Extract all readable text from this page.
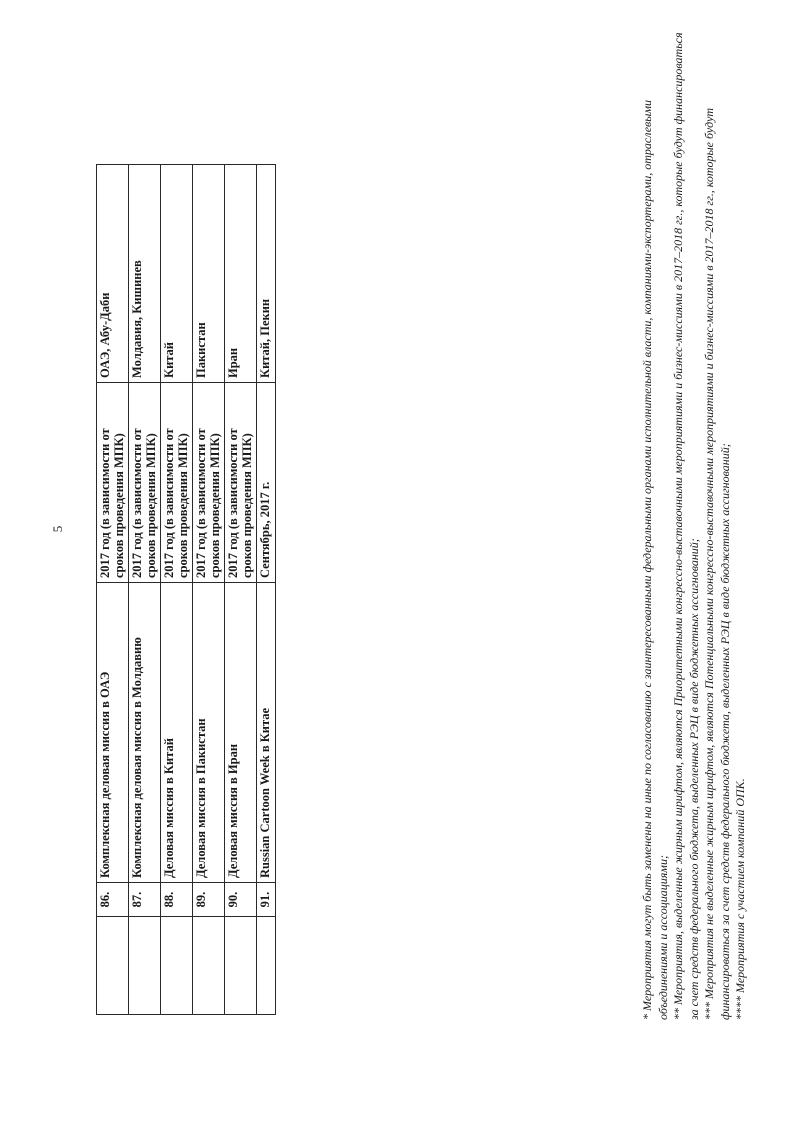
5
	86.	Комплексная деловая миссия в ОАЭ	2017 год (в зависимости от сроков проведения МПК)	ОАЭ, Абу-Даби
	87.	Комплексная деловая миссия в Молдавию	2017 год (в зависимости от сроков проведения МПК)	Молдавия, Кишинев
	88.	Деловая миссия в Китай	2017 год (в зависимости от сроков проведения МПК)	Китай
	89.	Деловая миссия в Пакистан	2017 год (в зависимости от сроков проведения МПК)	Пакистан
	90.	Деловая миссия в Иран	2017 год (в зависимости от сроков проведения МПК)	Иран
	91.	Russian Cartoon Week в Китае	Сентябрь, 2017 г.	Китай, Пекин	* Мероприятия могут быть заменены на иные по согласованию с заинтересованными федеральными органами исполнительной власти, компаниями-экспортерами, отраслевыми объединениями и ассоциациями; ** Мероприятия, выделенные жирным шрифтом, являются Приоритетными конгрессно-выставочными мероприятиями и бизнес-миссиями в 2017–2018 гг., которые будут финансироваться за счет средств федерального бюджета, выделенных РЭЦ в виде бюджетных ассигнований; *** Мероприятия не выделенные жирным шрифтом, являются Потенциальными конгрессно-выставочными мероприятиями и бизнес-миссиями в 2017–2018 гг., которые будут финансироваться за счет средств федерального бюджета, выделенных РЭЦ в виде бюджетных ассигнований; **** Мероприятия с участием компаний ОПК.
